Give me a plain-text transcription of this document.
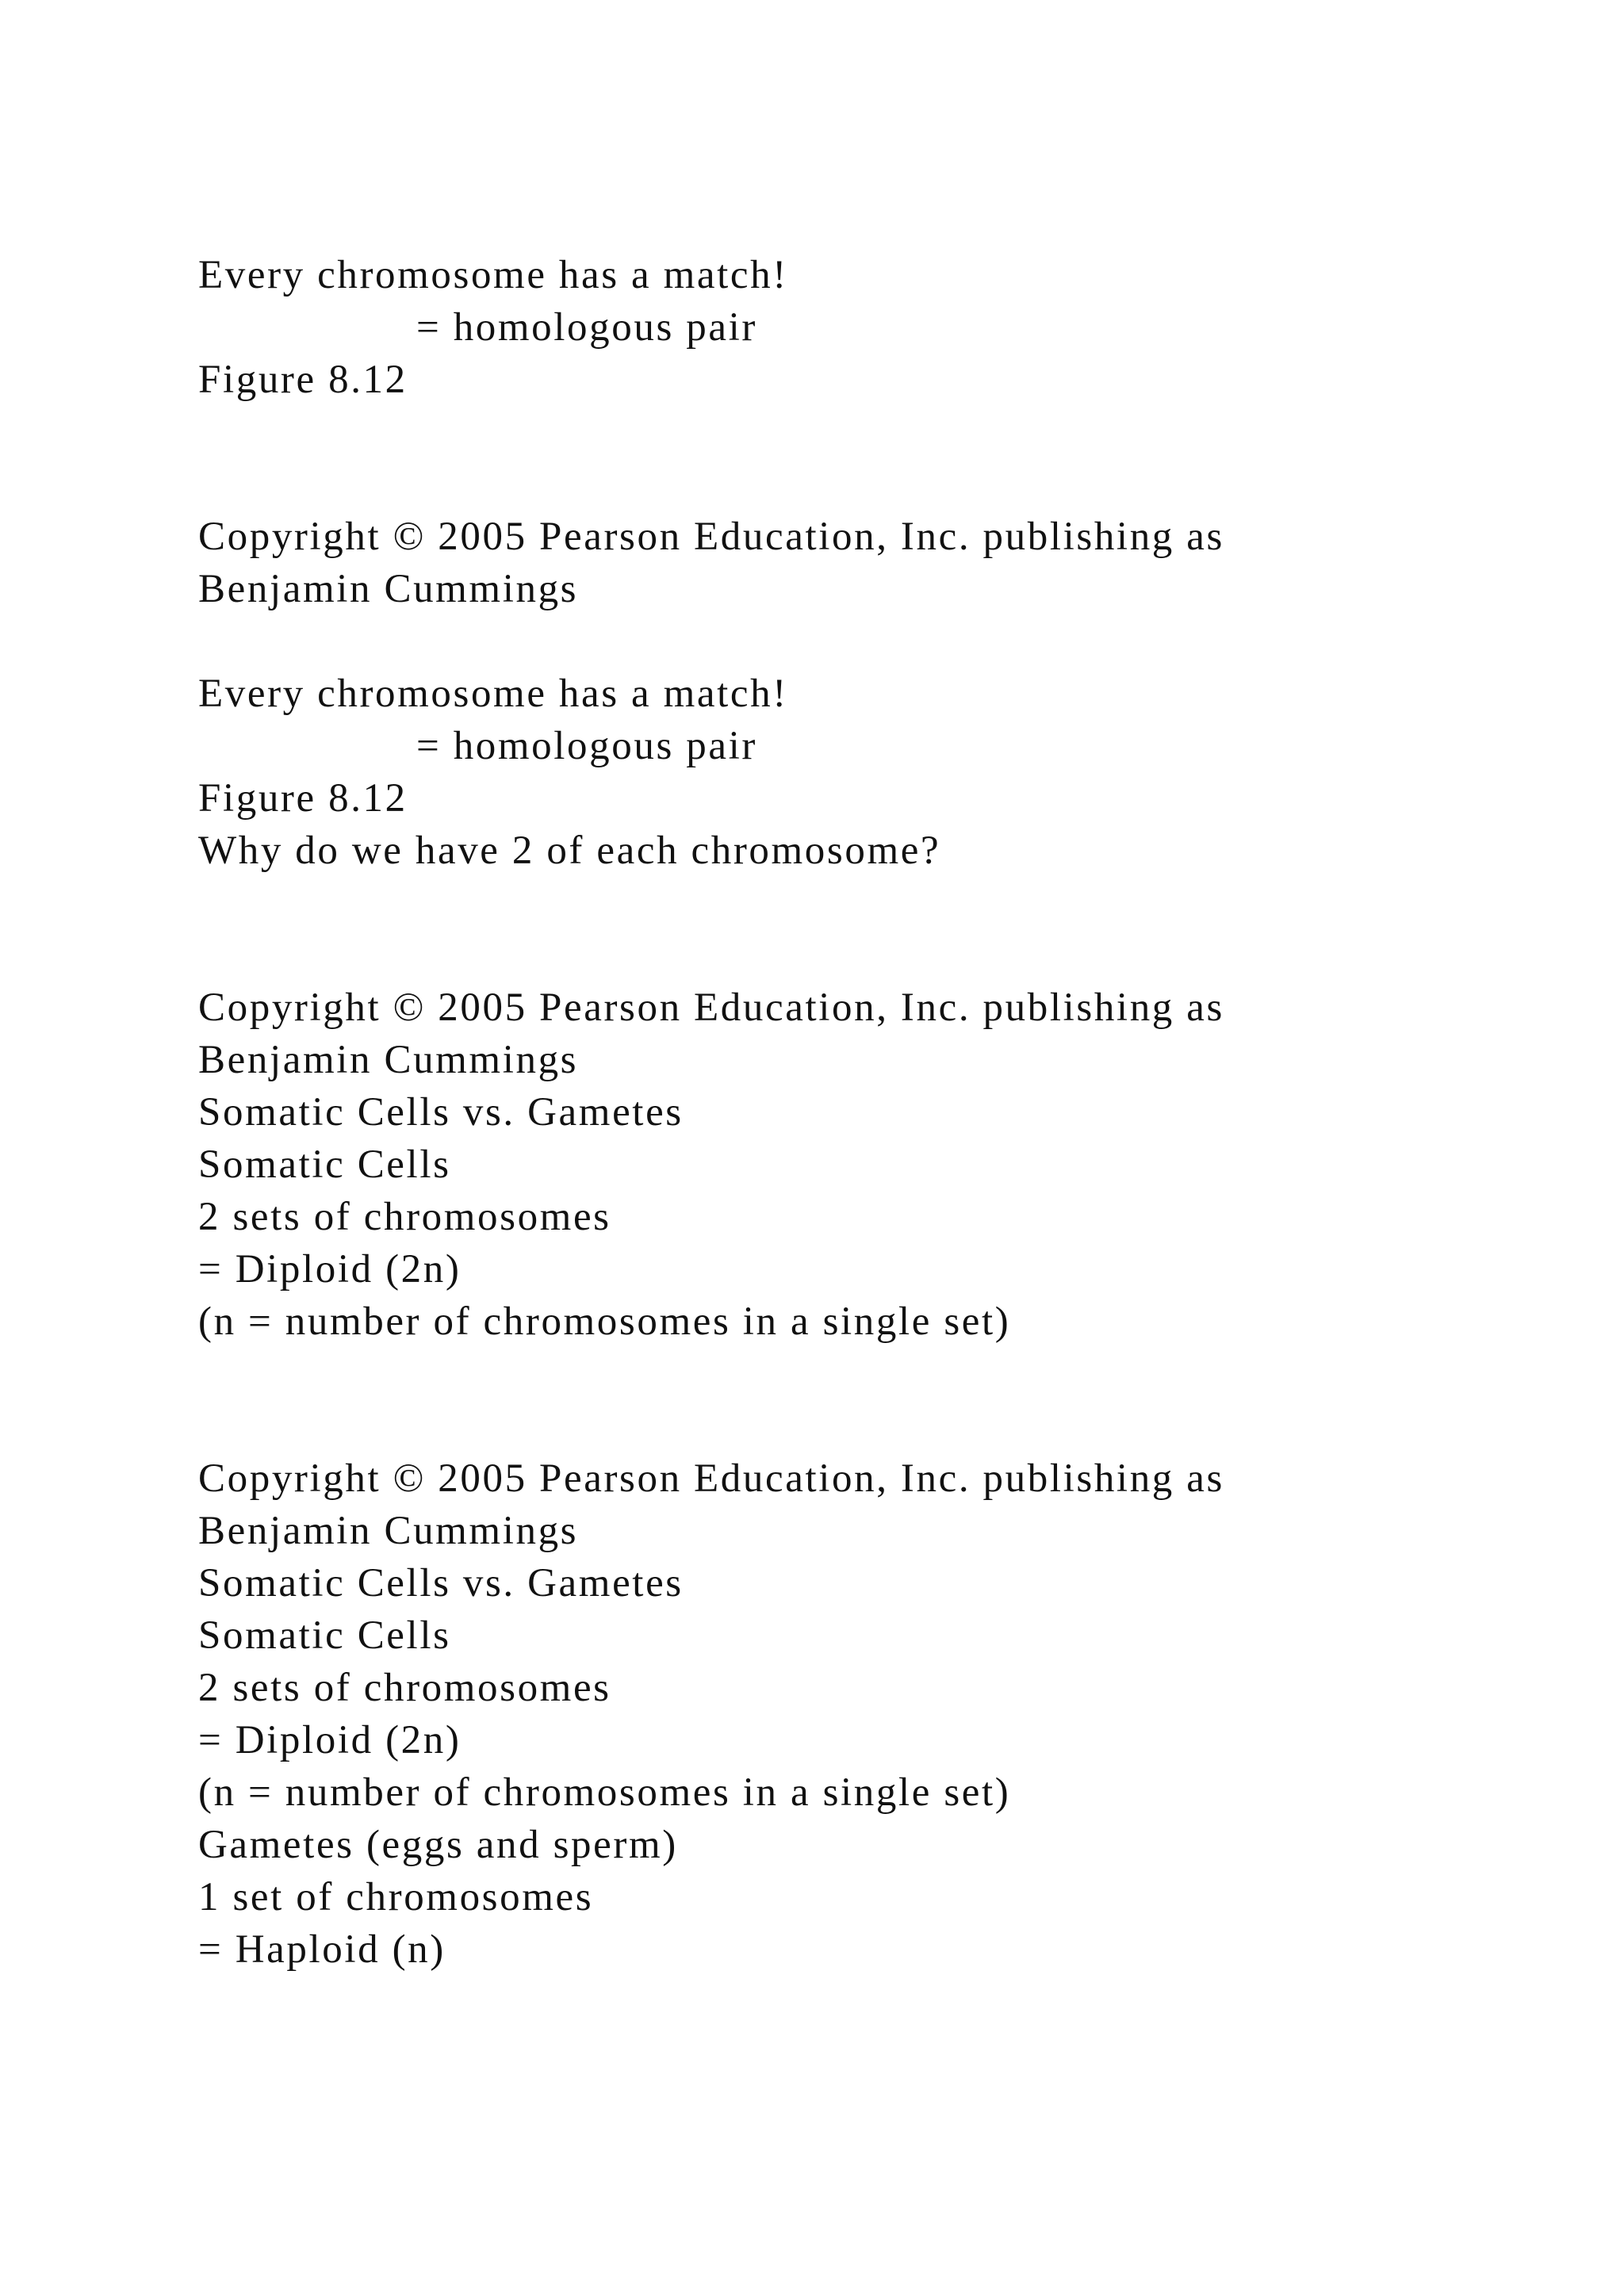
Every chromosome has a match!
= homologous pair
Figure 8.12
Copyright © 2005 Pearson Education, Inc. publishing as
Benjamin Cummings
Every chromosome has a match!
= homologous pair
Figure 8.12
Why do we have 2 of each chromosome?
Copyright © 2005 Pearson Education, Inc. publishing as
Benjamin Cummings
Somatic Cells vs. Gametes
Somatic Cells
2 sets of chromosomes
= Diploid (2n)
(n = number of chromosomes in a single set)
Copyright © 2005 Pearson Education, Inc. publishing as
Benjamin Cummings
Somatic Cells vs. Gametes
Somatic Cells
2 sets of chromosomes
= Diploid (2n)
(n = number of chromosomes in a single set)
Gametes (eggs and sperm)
1 set of chromosomes
= Haploid (n)
